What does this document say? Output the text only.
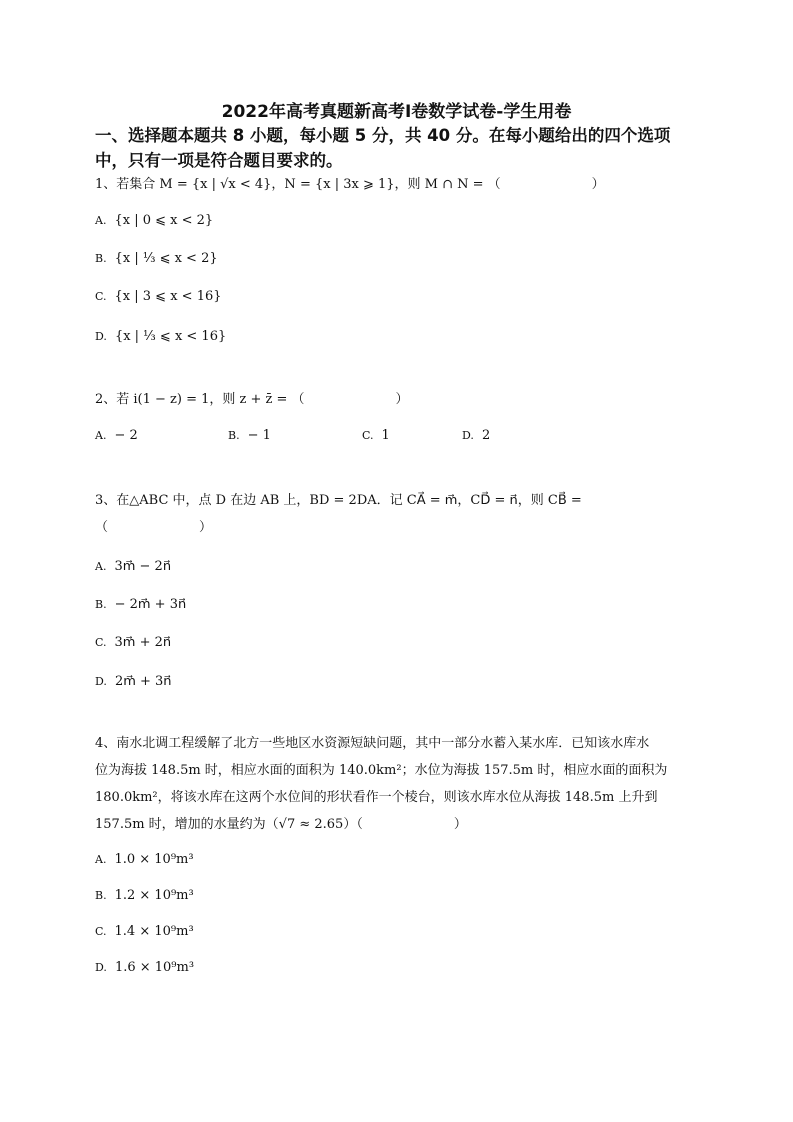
2022年高考真题新高考I卷数学试卷-学生用卷
一、选择题本题共 8 小题，每小题 5 分，共 40 分。在每小题给出的四个选项
中，只有一项是符合题目要求的。
1、若集合 M = {x | √x < 4}，N = {x | 3x ⩾ 1}，则 M ∩ N = （　　　　　　　）
A. {x | 0 ⩽ x < 2}
B. {x | ⅓ ⩽ x < 2}
C. {x | 3 ⩽ x < 16}
D. {x | ⅓ ⩽ x < 16}
2、若 i(1 − z) = 1，则 z + z̄ = （　　　　　　　）
A. − 2	B. − 1	C. 1	D. 2
3、在△ABC 中，点 D 在边 AB 上，BD = 2DA．记 CA⃗ = m⃗，CD⃗ = n⃗，则 CB⃗ =
（　　　　　　　）
A. 3m⃗ − 2n⃗
B. − 2m⃗ + 3n⃗
C. 3m⃗ + 2n⃗
D. 2m⃗ + 3n⃗
4、南水北调工程缓解了北方一些地区水资源短缺问题，其中一部分水蓄入某水库．已知该水库水
位为海拔 148.5m 时，相应水面的面积为 140.0km²；水位为海拔 157.5m 时，相应水面的面积为
180.0km²，将该水库在这两个水位间的形状看作一个棱台，则该水库水位从海拔 148.5m 上升到
157.5m 时，增加的水量约为（√7 ≈ 2.65）（　　　　　　　）
A. 1.0 × 10⁹m³
B. 1.2 × 10⁹m³
C. 1.4 × 10⁹m³
D. 1.6 × 10⁹m³
